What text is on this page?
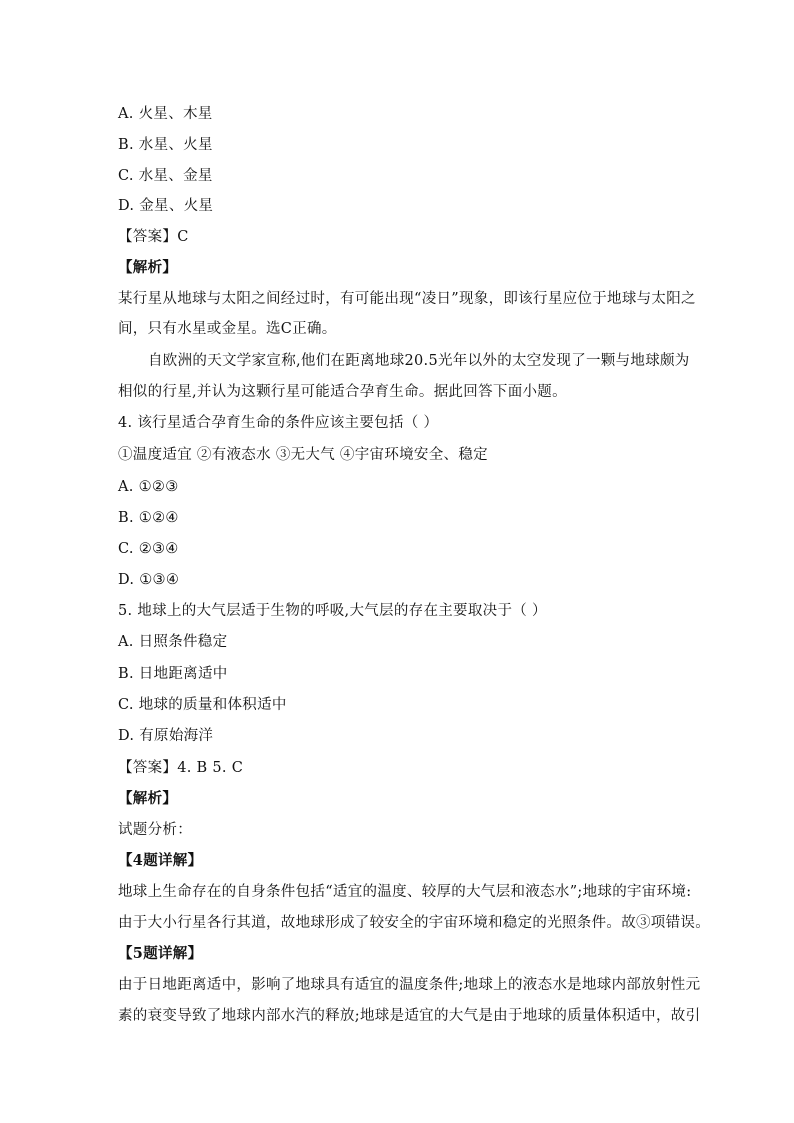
A. 火星、木星
B. 水星、火星
C. 水星、金星
D. 金星、火星
【答案】C
【解析】
某行星从地球与太阳之间经过时，有可能出现“凌日”现象，即该行星应位于地球与太阳之
间，只有水星或金星。选C正确。
自欧洲的天文学家宣称,他们在距离地球20.5光年以外的太空发现了一颗与地球颇为
相似的行星,并认为这颗行星可能适合孕育生命。据此回答下面小题。
4. 该行星适合孕育生命的条件应该主要包括（ ）
①温度适宜 ②有液态水 ③无大气 ④宇宙环境安全、稳定
A. ①②③
B. ①②④
C. ②③④
D. ①③④
5. 地球上的大气层适于生物的呼吸,大气层的存在主要取决于（ ）
A. 日照条件稳定
B. 日地距离适中
C. 地球的质量和体积适中
D. 有原始海洋
【答案】4. B 5. C
【解析】
试题分析：
【4题详解】
地球上生命存在的自身条件包括“适宜的温度、较厚的大气层和液态水”;地球的宇宙环境:
由于大小行星各行其道，故地球形成了较安全的宇宙环境和稳定的光照条件。故③项错误。
【5题详解】
由于日地距离适中，影响了地球具有适宜的温度条件;地球上的液态水是地球内部放射性元
素的衰变导致了地球内部水汽的释放;地球是适宜的大气是由于地球的质量体积适中，故引
